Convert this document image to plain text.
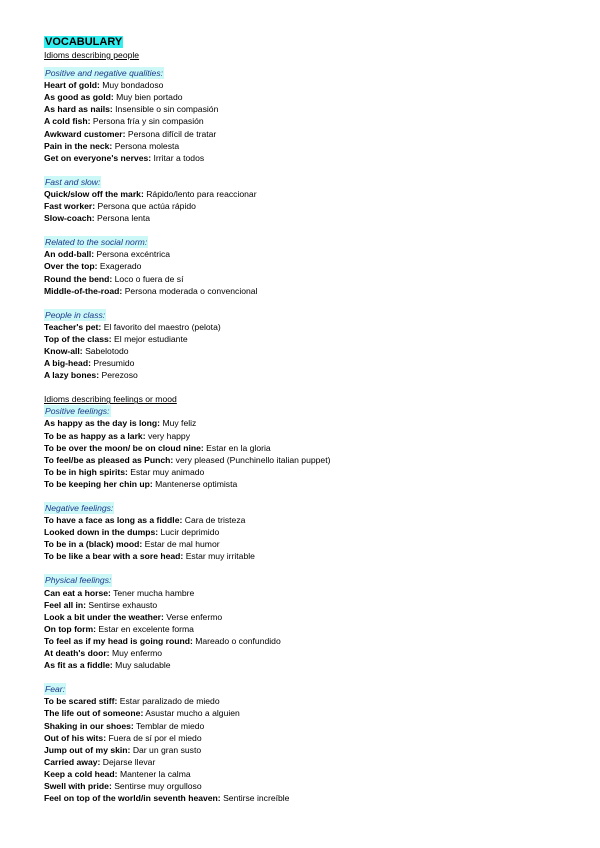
VOCABULARY
Idioms describing people
Positive and negative qualities:
Heart of gold: Muy bondadoso
As good as gold: Muy bien portado
As hard as nails: Insensible o sin compasión
A cold fish: Persona fría y sin compasión
Awkward customer: Persona difícil de tratar
Pain in the neck: Persona molesta
Get on everyone's nerves: Irritar a todos
Fast and slow:
Quick/slow off the mark: Rápido/lento para reaccionar
Fast worker: Persona que actúa rápido
Slow-coach: Persona lenta
Related to the social norm:
An odd-ball: Persona excéntrica
Over the top: Exagerado
Round the bend: Loco o fuera de sí
Middle-of-the-road: Persona moderada o convencional
People in class:
Teacher's pet: El favorito del maestro (pelota)
Top of the class: El mejor estudiante
Know-all: Sabelotodo
A big-head: Presumido
A lazy bones: Perezoso
Idioms describing feelings or mood
Positive feelings:
As happy as the day is long: Muy feliz
To be as happy as a lark: very happy
To be over the moon/ be on cloud nine: Estar en la gloria
To feel/be as pleased as Punch: very pleased (Punchinello italian puppet)
To be in high spirits: Estar muy animado
To be keeping her chin up: Mantenerse optimista
Negative feelings:
To have a face as long as a fiddle: Cara de tristeza
Looked down in the dumps: Lucir deprimido
To be in a (black) mood: Estar de mal humor
To be like a bear with a sore head: Estar muy irritable
Physical feelings:
Can eat a horse: Tener mucha hambre
Feel all in: Sentirse exhausto
Look a bit under the weather: Verse enfermo
On top form: Estar en excelente forma
To feel as if my head is going round: Mareado o confundido
At death's door: Muy enfermo
As fit as a fiddle: Muy saludable
Fear:
To be scared stiff: Estar paralizado de miedo
The life out of someone: Asustar mucho a alguien
Shaking in our shoes: Temblar de miedo
Out of his wits: Fuera de sí por el miedo
Jump out of my skin: Dar un gran susto
Carried away: Dejarse llevar
Keep a cold head: Mantener la calma
Swell with pride: Sentirse muy orgulloso
Feel on top of the world/in seventh heaven: Sentirse increíble
